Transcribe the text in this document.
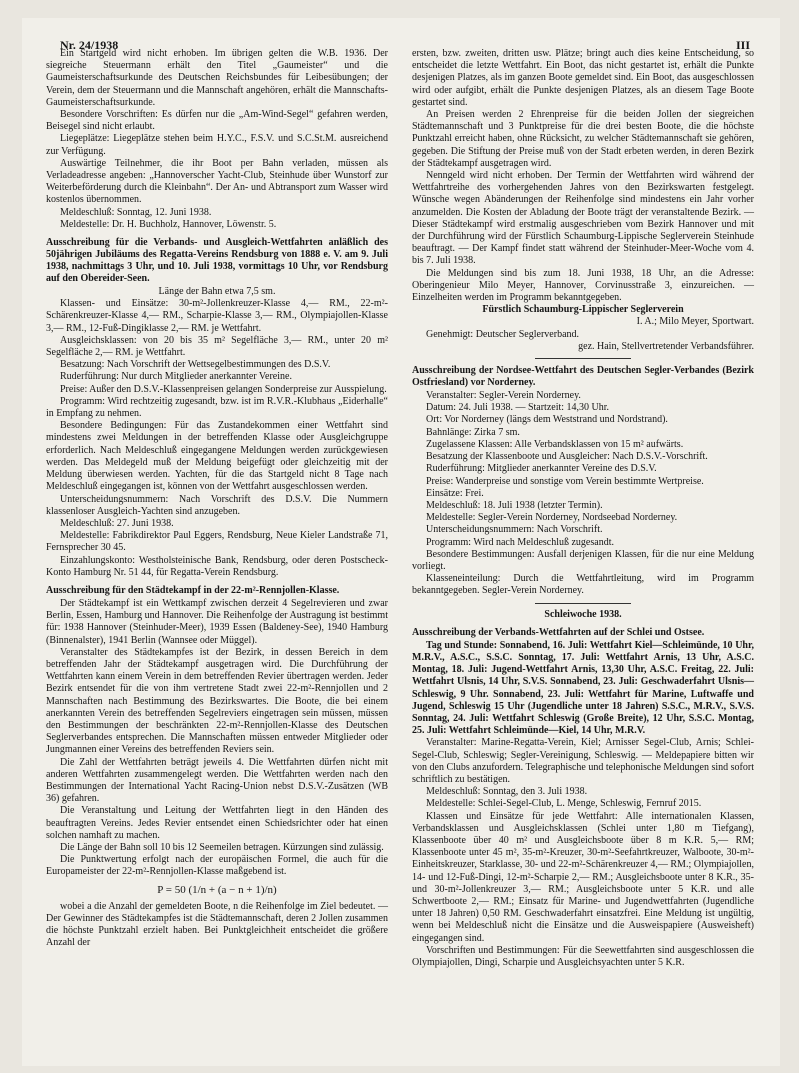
Nr. 24/1938	III

Ein Startgeld wird nicht erhoben. Im übrigen gelten die W.B. 1936. Der siegreiche Steuermann erhält den Titel „Gaumeister“ und die Gaumeisterschaftsurkunde des Deutschen Reichsbundes für Leibesübungen; der Verein, dem der Steuermann und die Mannschaft angehören, erhält die Mannschafts-Gaumeisterschaftsurkunde.

Besondere Vorschriften: Es dürfen nur die „Am-Wind-Segel“ gefahren werden, Beisegel sind nicht erlaubt.

Liegeplätze: Liegeplätze stehen beim H.Y.C., F.S.V. und S.C.St.M. ausreichend zur Verfügung.

Auswärtige Teilnehmer, die ihr Boot per Bahn verladen, müssen als Verladeadresse angeben: „Hannoverscher Yacht-Club, Steinhude über Wunstorf zur Weiterbeförderung durch die Kleinbahn“. Der An- und Abtransport zum Wasser wird kostenlos übernommen.

Meldeschluß: Sonntag, 12. Juni 1938.

Meldestelle: Dr. H. Buchholz, Hannover, Löwenstr. 5.

Ausschreibung für die Verbands- und Ausgleich-Wettfahrten anläßlich des 50jährigen Jubiläums des Regatta-Vereins Rendsburg von 1888 e. V. am 9. Juli 1938, nachmittags 3 Uhr, und 10. Juli 1938, vormittags 10 Uhr, vor Rendsburg auf den Obereider-Seen.

Länge der Bahn etwa 7,5 sm.

Klassen- und Einsätze: 30-m²-Jollenkreuzer-Klasse 4,— RM., 22-m²-Schärenkreuzer-Klasse 4,— RM., Scharpie-Klasse 3,— RM., Olympiajollen-Klasse 3,— RM., 12-Fuß-Dingiklasse 2,— RM. je Wettfahrt.

Ausgleichsklassen: von 20 bis 35 m² Segelfläche 3,— RM., unter 20 m² Segelfläche 2,— RM. je Wettfahrt.

Besatzung: Nach Vorschrift der Wettsegelbestimmungen des D.S.V.

Ruderführung: Nur durch Mitglieder anerkannter Vereine.

Preise: Außer den D.S.V.-Klassenpreisen gelangen Sonderpreise zur Ausspielung.

Programm: Wird rechtzeitig zugesandt, bzw. ist im R.V.R.-Klubhaus „Eiderhalle“ in Empfang zu nehmen.

Besondere Bedingungen: Für das Zustandekommen einer Wettfahrt sind mindestens zwei Meldungen in der betreffenden Klasse oder Ausgleichgruppe erforderlich. Nach Meldeschluß eingegangene Meldungen werden zurückgewiesen werden. Das Meldegeld muß der Meldung beigefügt oder gleichzeitig mit der Meldung überwiesen werden. Yachten, für die das Startgeld nicht 8 Tage nach Meldeschluß eingegangen ist, können von der Wettfahrt ausgeschlossen werden.

Unterscheidungsnummern: Nach Vorschrift des D.S.V. Die Nummern klassenloser Ausgleich-Yachten sind anzugeben.

Meldeschluß: 27. Juni 1938.

Meldestelle: Fabrikdirektor Paul Eggers, Rendsburg, Neue Kieler Landstraße 71, Fernsprecher 30 45.

Einzahlungskonto: Westholsteinische Bank, Rendsburg, oder deren Postscheck-Konto Hamburg Nr. 51 44, für Regatta-Verein Rendsburg.

Ausschreibung für den Städtekampf in der 22-m²-Rennjollen-Klasse.

Der Städtekampf ist ein Wettkampf zwischen derzeit 4 Segelrevieren und zwar Berlin, Essen, Hamburg und Hannover. Die Reihenfolge der Austragung ist bestimmt für: 1938 Hannover (Steinhuder-Meer), 1939 Essen (Baldeney-See), 1940 Hamburg (Binnenalster), 1941 Berlin (Wannsee oder Müggel).

Veranstalter des Städtekampfes ist der Bezirk, in dessen Bereich in dem betreffenden Jahr der Städtekampf ausgetragen wird. Die Durchführung der Wettfahrten kann einem Verein in dem betreffenden Revier übertragen werden. Jeder Bezirk entsendet für die von ihm vertretene Stadt zwei 22-m²-Rennjollen und 2 Mannschaften nach Bestimmung des Bezirkswartes. Die Boote, die bei einem anerkannten Verein des betreffenden Segelreviers eingetragen sein müssen, müssen den Bestimmungen der beschränkten 22-m²-Rennjollen-Klasse des Deutschen Seglerverbandes entsprechen. Die Mannschaften müssen entweder Mitglieder oder Jungmannen einer Vereins des betreffenden Reviers sein.

Die Zahl der Wettfahrten beträgt jeweils 4. Die Wettfahrten dürfen nicht mit anderen Wettfahrten zusammengelegt werden. Die Wettfahrten werden nach den Bestimmungen der International Yacht Racing-Union nebst D.S.V.-Zusätzen (WB 36) gefahren.

Die Veranstaltung und Leitung der Wettfahrten liegt in den Händen des beauftragten Vereins. Jedes Revier entsendet einen Schiedsrichter oder hat einen solchen namhaft zu machen.

Die Länge der Bahn soll 10 bis 12 Seemeilen betragen. Kürzungen sind zulässig.

Die Punktwertung erfolgt nach der europäischen Formel, die auch für die Europameister der 22-m²-Rennjollen-Klasse maßgebend ist.

P = 50 (1/n + (a − n + 1)/n)

wobei a die Anzahl der gemeldeten Boote, n die Reihenfolge im Ziel bedeutet. — Der Gewinner des Städtekampfes ist die Städtemannschaft, deren 2 Jollen zusammen die höchste Punktzahl erzielt haben. Bei Punktgleichheit entscheidet die größere Anzahl der

ersten, bzw. zweiten, dritten usw. Plätze; bringt auch dies keine Entscheidung, so entscheidet die letzte Wettfahrt. Ein Boot, das nicht gestartet ist, erhält die Punkte desjenigen Platzes, als im ganzen Boote gemeldet sind. Ein Boot, das ausgeschlossen wird oder aufgibt, erhält die Punkte desjenigen Platzes, als an diesem Tage Boote gestartet sind.

An Preisen werden 2 Ehrenpreise für die beiden Jollen der siegreichen Städtemannschaft und 3 Punktpreise für die drei besten Boote, die die höchste Punktzahl erreicht haben, ohne Rücksicht, zu welcher Städtemannschaft sie gehören, gegeben. Die Stiftung der Preise muß von der Stadt erbeten werden, in deren Bezirk der Städtekampf ausgetragen wird.

Nenngeld wird nicht erhoben. Der Termin der Wettfahrten wird während der Wettfahrtreihe des vorhergehenden Jahres von den Bezirkswarten festgelegt. Wünsche wegen Abänderungen der Reihenfolge sind mindestens ein Jahr vorher anzumelden. Die Kosten der Abladung der Boote trägt der veranstaltende Bezirk. — Dieser Städtekampf wird erstmalig ausgeschrieben vom Bezirk Hannover und mit der Durchführung wird der Fürstlich Schaumburg-Lippische Seglerverein Steinhude beauftragt. — Der Kampf findet statt während der Steinhuder-Meer-Woche vom 4. bis 7. Juli 1938.

Die Meldungen sind bis zum 18. Juni 1938, 18 Uhr, an die Adresse: Oberingenieur Milo Meyer, Hannover, Corvinusstraße 3, einzureichen. — Einzelheiten werden im Programm bekanntgegeben.

Fürstlich Schaumburg-Lippischer Seglerverein

I. A.; Milo Meyer, Sportwart.

Genehmigt: Deutscher Seglerverband.

gez. Hain, Stellvertretender Verbandsführer.

Ausschreibung der Nordsee-Wettfahrt des Deutschen Segler-Verbandes (Bezirk Ostfriesland) vor Norderney.

Veranstalter: Segler-Verein Norderney.

Datum: 24. Juli 1938. — Startzeit: 14,30 Uhr.

Ort: Vor Norderney (längs dem Weststrand und Nordstrand).

Bahnlänge: Zirka 7 sm.

Zugelassene Klassen: Alle Verbandsklassen von 15 m² aufwärts.

Besatzung der Klassenboote und Ausgleicher: Nach D.S.V.-Vorschrift.

Ruderführung: Mitglieder anerkannter Vereine des D.S.V.

Preise: Wanderpreise und sonstige vom Verein bestimmte Wertpreise.

Einsätze: Frei.

Meldeschluß: 18. Juli 1938 (letzter Termin).

Meldestelle: Segler-Verein Norderney, Nordseebad Norderney.

Unterscheidungsnummern: Nach Vorschrift.

Programm: Wird nach Meldeschluß zugesandt.

Besondere Bestimmungen: Ausfall derjenigen Klassen, für die nur eine Meldung vorliegt.

Klasseneinteilung: Durch die Wettfahrtleitung, wird im Programm bekanntgegeben. Segler-Verein Norderney.

Schleiwoche 1938.

Ausschreibung der Verbands-Wettfahrten auf der Schlei und Ostsee.

Tag und Stunde: Sonnabend, 16. Juli: Wettfahrt Kiel—Schleimünde, 10 Uhr, M.R.V., A.S.C., S.S.C. Sonntag, 17. Juli: Wettfahrt Arnis, 13 Uhr, A.S.C. Montag, 18. Juli: Jugend-Wettfahrt Arnis, 13,30 Uhr, A.S.C. Freitag, 22. Juli: Wettfahrt Ulsnis, 14 Uhr, S.V.S. Sonnabend, 23. Juli: Geschwaderfahrt Ulsnis—Schleswig, 9 Uhr. Sonnabend, 23. Juli: Wettfahrt für Marine, Luftwaffe und Jugend, Schleswig 15 Uhr (Jugendliche unter 18 Jahren) S.S.C., M.R.V., S.V.S. Sonntag, 24. Juli: Wettfahrt Schleswig (Große Breite), 12 Uhr, S.S.C. Montag, 25. Juli: Wettfahrt Schleimünde—Kiel, 14 Uhr, M.R.V.

Veranstalter: Marine-Regatta-Verein, Kiel; Arnisser Segel-Club, Arnis; Schlei-Segel-Club, Schleswig; Segler-Vereinigung, Schleswig. — Meldepapiere bitten wir von den Clubs anzufordern. Telegraphische und telephonische Meldungen sind sofort schriftlich zu bestätigen.

Meldeschluß: Sonntag, den 3. Juli 1938.

Meldestelle: Schlei-Segel-Club, L. Menge, Schleswig, Fernruf 2015.

Klassen und Einsätze für jede Wettfahrt: Alle internationalen Klassen, Verbandsklassen und Ausgleichsklassen (Schlei unter 1,80 m Tiefgang), Klassenboote über 40 m² und Ausgleichsboote über 8 m K.R. 5,— RM; Klassenboote unter 45 m², 35-m²-Kreuzer, 30-m²-Seefahrtkreuzer, Walboote, 30-m²-Einheitskreuzer, Starklasse, 30- und 22-m²-Schärenkreuzer 4,— RM.; Olympiajollen, 14- und 12-Fuß-Dingi, 12-m²-Scharpie 2,— RM.; Ausgleichsboote unter 8 K.R., 35- und 30-m²-Jollenkreuzer 3,— RM.; Ausgleichsboote unter 5 K.R. und alle Schwertboote 2,— RM.; Einsatz für Marine- und Jugendwettfahrten (Jugendliche unter 18 Jahren) 0,50 RM. Geschwaderfahrt einsatzfrei. Eine Meldung ist ungültig, wenn bei Meldeschluß nicht die Einsätze und die Ausweispapiere (Ausweisheft) eingegangen sind.

Vorschriften und Bestimmungen: Für die Seewettfahrten sind ausgeschlossen die Olympiajollen, Dingi, Scharpie und Ausgleichsyachten unter 5 K.R.
